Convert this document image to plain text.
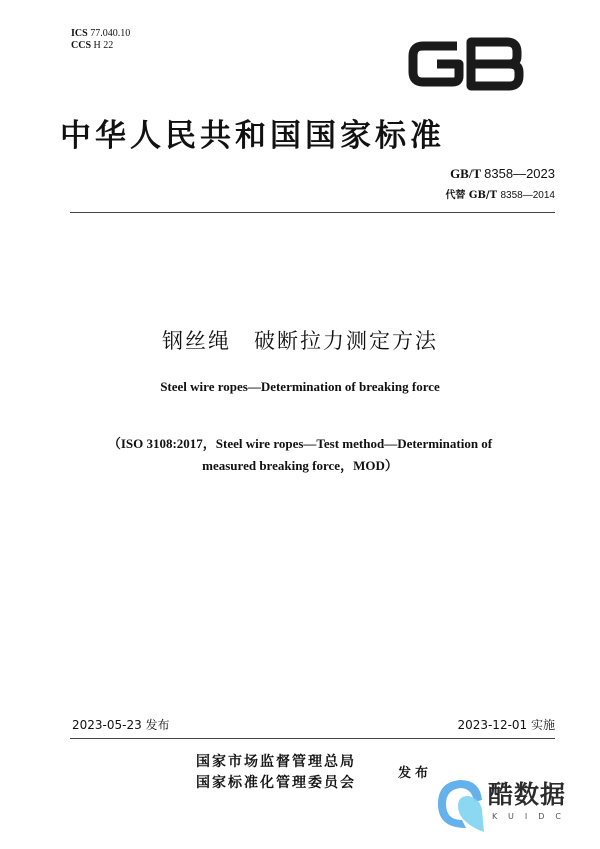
ICS 77.040.10
CCS H 22
中华人民共和国国家标准
GB/T 8358—2023
代替 GB/T 8358—2014
钢丝绳　破断拉力测定方法
Steel wire ropes—Determination of breaking force
（ISO 3108:2017，Steel wire ropes—Test method—Determination of
measured breaking force，MOD）
2023-05-23 发布	2023-12-01 实施
国家市场监督管理总局
国家标准化管理委员会
发布
酷数据
KUIDC
